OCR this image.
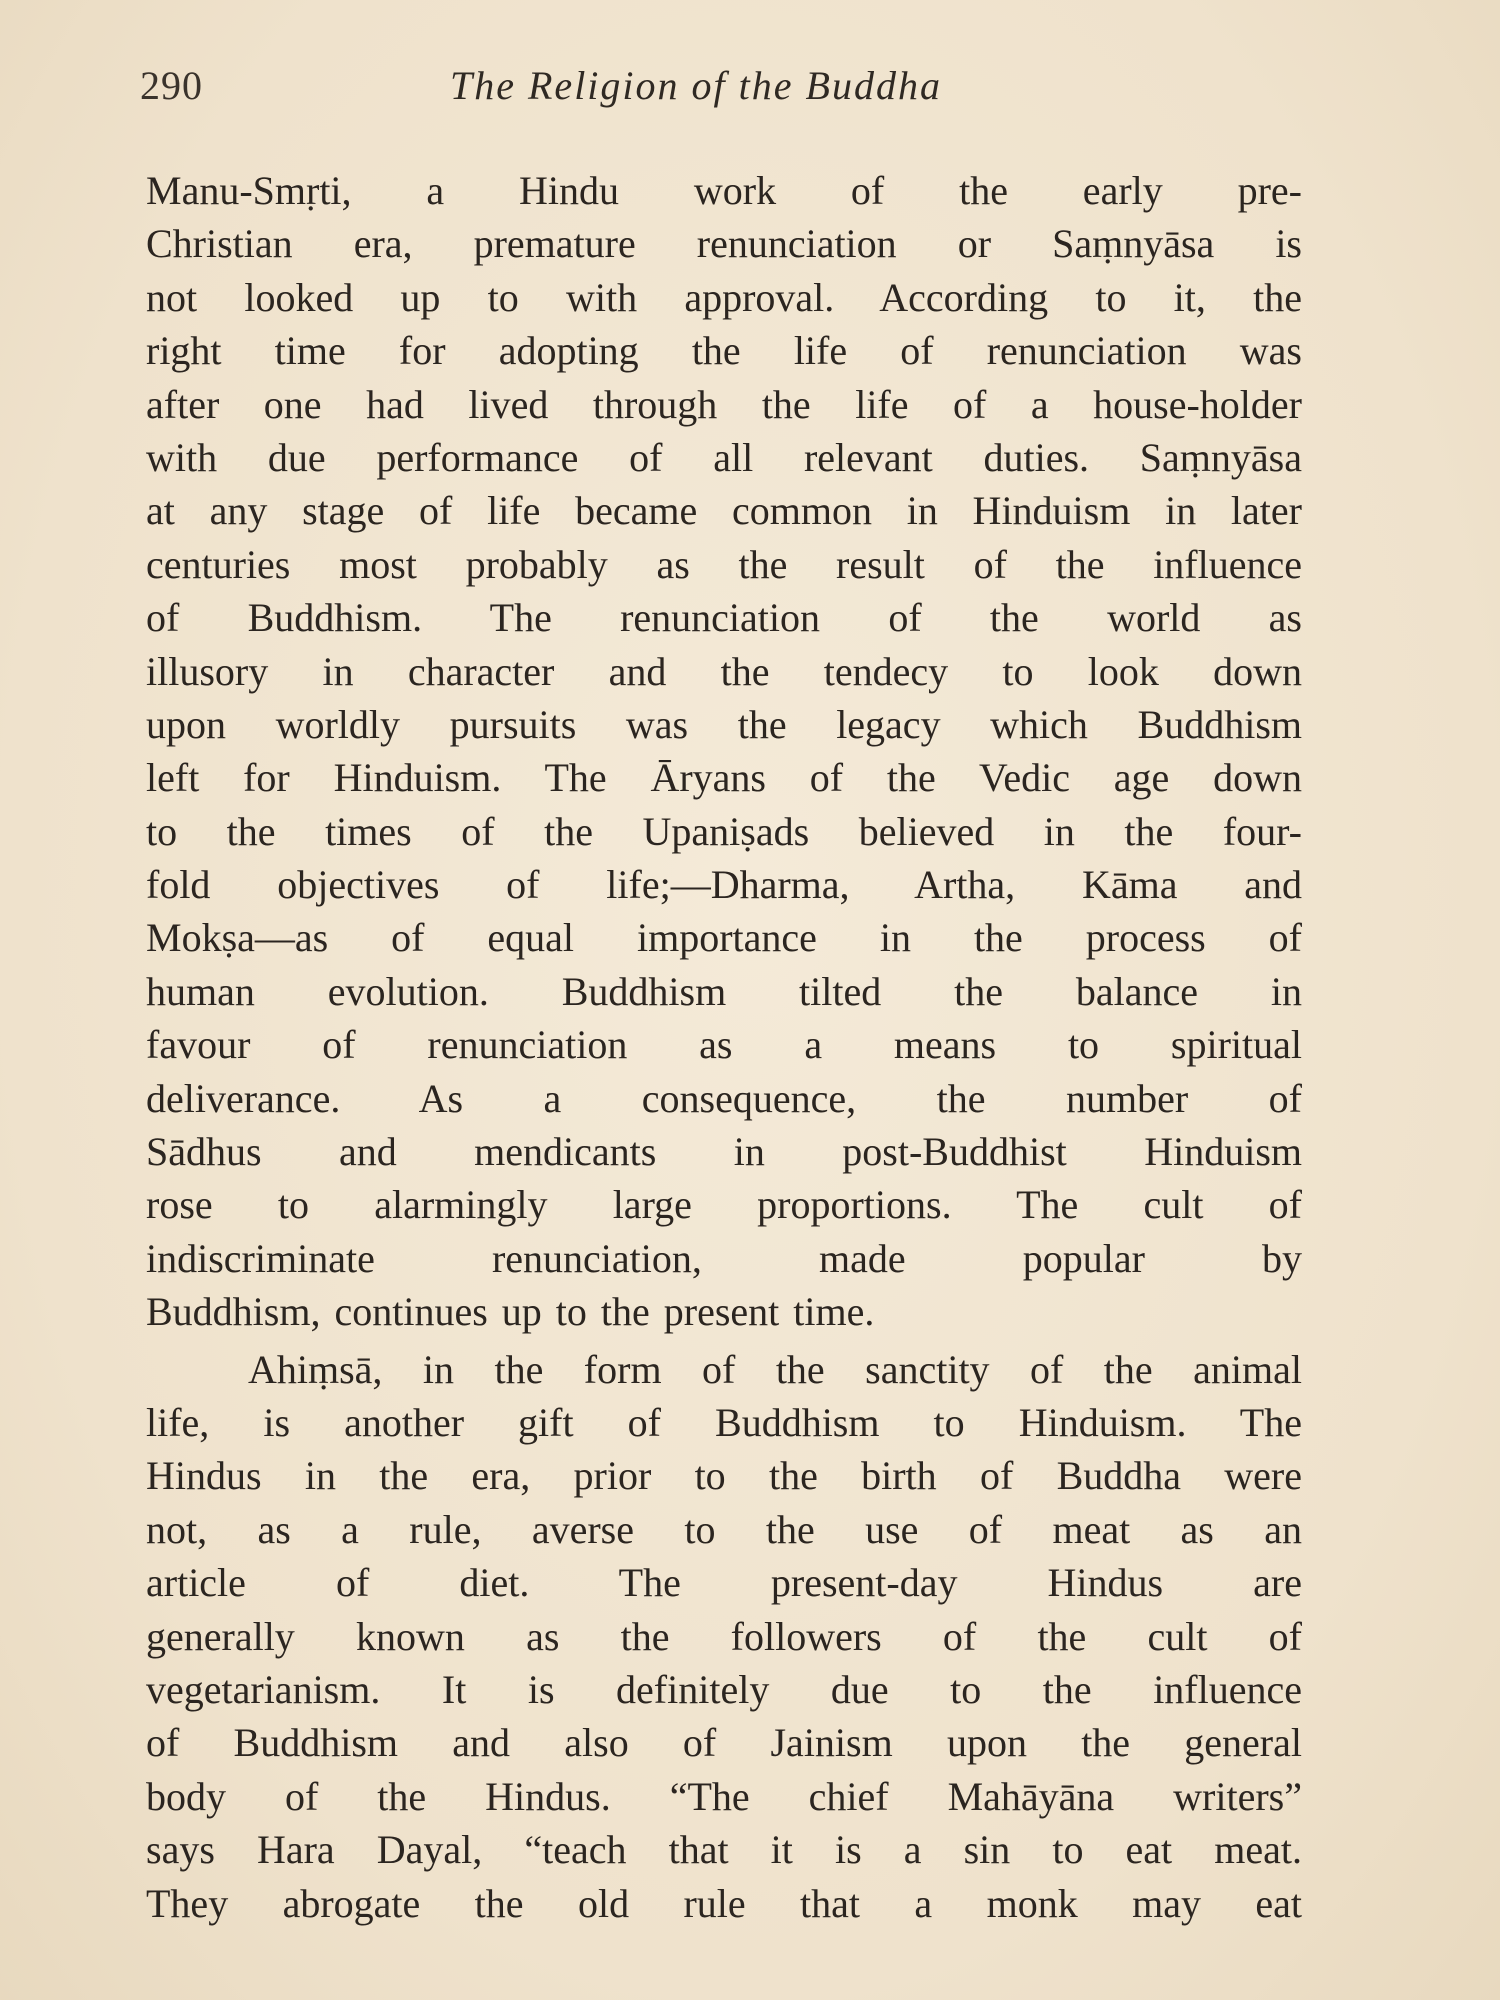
290	The Religion of the Buddha
Manu-Smṛti, a Hindu work of the early pre-
Christian era, premature renunciation or Saṃnyāsa is
not looked up to with approval. According to it, the
right time for adopting the life of renunciation was
after one had lived through the life of a house-holder
with due performance of all relevant duties. Saṃnyāsa
at any stage of life became common in Hinduism in later
centuries most probably as the result of the influence
of Buddhism. The renunciation of the world as
illusory in character and the tendecy to look down
upon worldly pursuits was the legacy which Buddhism
left for Hinduism. The Āryans of the Vedic age down
to the times of the Upaniṣads believed in the four-
fold objectives of life;—Dharma, Artha, Kāma and
Mokṣa—as of equal importance in the process of
human evolution. Buddhism tilted the balance in
favour of renunciation as a means to spiritual
deliverance. As a consequence, the number of
Sādhus and mendicants in post-Buddhist Hinduism
rose to alarmingly large proportions. The cult of
indiscriminate renunciation, made popular by
Buddhism, continues up to the present time.
Ahiṃsā, in the form of the sanctity of the animal
life, is another gift of Buddhism to Hinduism. The
Hindus in the era, prior to the birth of Buddha were
not, as a rule, averse to the use of meat as an
article of diet. The present-day Hindus are
generally known as the followers of the cult of
vegetarianism. It is definitely due to the influence
of Buddhism and also of Jainism upon the general
body of the Hindus. “The chief Mahāyāna writers”
says Hara Dayal, “teach that it is a sin to eat meat.
They abrogate the old rule that a monk may eat
